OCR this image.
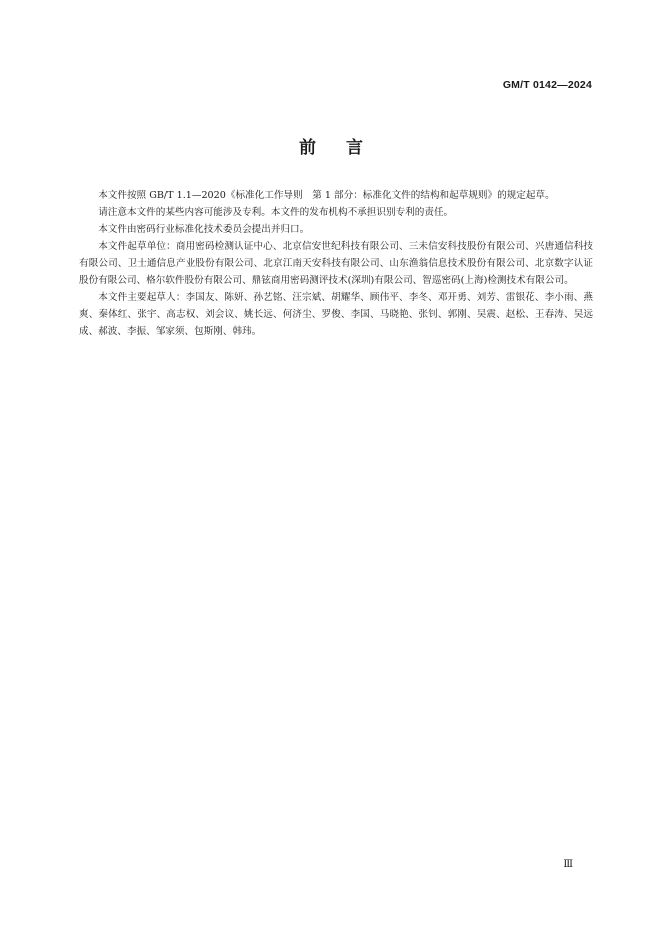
GM/T 0142—2024
前言

本文件按照 GB/T 1.1—2020《标准化工作导则　第 1 部分：标准化文件的结构和起草规则》的规定起草。

请注意本文件的某些内容可能涉及专利。本文件的发布机构不承担识别专利的责任。

本文件由密码行业标准化技术委员会提出并归口。

本文件起草单位：商用密码检测认证中心、北京信安世纪科技有限公司、三未信安科技股份有限公司、兴唐通信科技有限公司、卫士通信息产业股份有限公司、北京江南天安科技有限公司、山东渔翁信息技术股份有限公司、北京数字认证股份有限公司、格尔软件股份有限公司、鼎铉商用密码测评技术(深圳)有限公司、智巡密码(上海)检测技术有限公司。

本文件主要起草人：李国友、陈妍、孙艺铭、汪宗斌、胡耀华、顾伟平、李冬、邓开勇、刘芳、雷银花、李小雨、燕爽、秦体红、张宇、高志权、刘会议、姚长远、何济尘、罗俊、李国、马晓艳、张钊、郭刚、吴震、赵松、王春涛、吴远成、郝波、李振、邹家须、包斯刚、韩玮。

Ⅲ
